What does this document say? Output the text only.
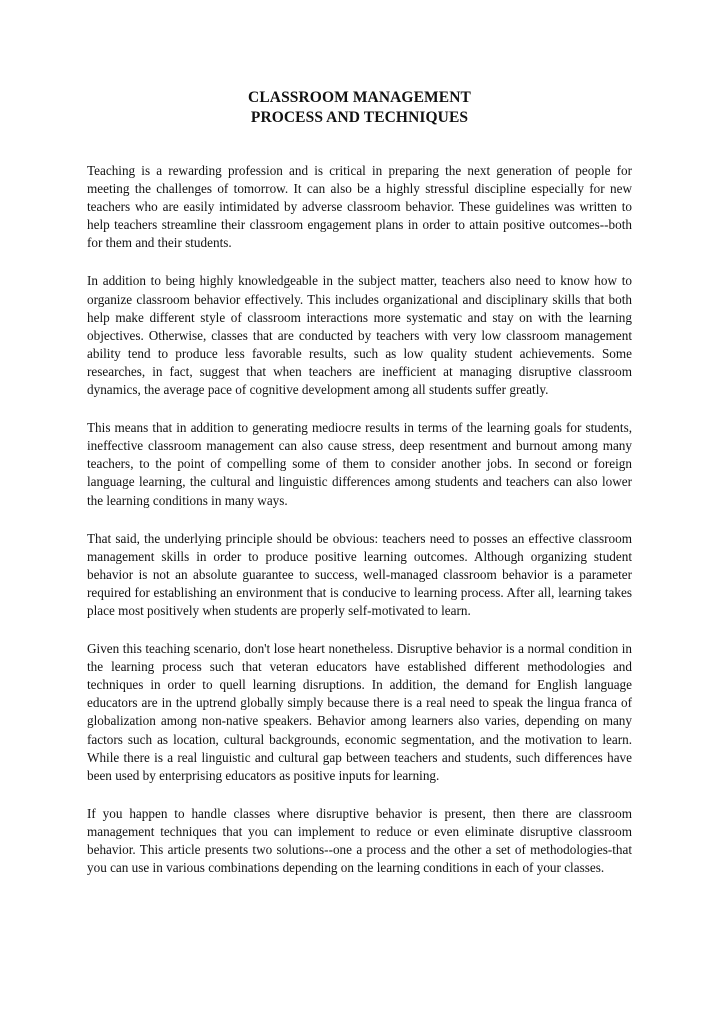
CLASSROOM MANAGEMENT
PROCESS AND TECHNIQUES

Teaching is a rewarding profession and is critical in preparing the next generation of people for meeting the challenges of tomorrow. It can also be a highly stressful discipline especially for new teachers who are easily intimidated by adverse classroom behavior. These guidelines was written to help teachers streamline their classroom engagement plans in order to attain positive outcomes--both for them and their students.

In addition to being highly knowledgeable in the subject matter, teachers also need to know how to organize classroom behavior effectively. This includes organizational and disciplinary skills that both help make different style of classroom interactions more systematic and stay on with the learning objectives. Otherwise, classes that are conducted by teachers with very low classroom management ability tend to produce less favorable results, such as low quality student achievements. Some researches, in fact, suggest that when teachers are inefficient at managing disruptive classroom dynamics, the average pace of cognitive development among all students suffer greatly.

This means that in addition to generating mediocre results in terms of the learning goals for students, ineffective classroom management can also cause stress, deep resentment and burnout among many teachers, to the point of compelling some of them to consider another jobs. In second or foreign language learning, the cultural and linguistic differences among students and teachers can also lower the learning conditions in many ways.

That said, the underlying principle should be obvious: teachers need to posses an effective classroom management skills in order to produce positive learning outcomes. Although organizing student behavior is not an absolute guarantee to success, well-managed classroom behavior is a parameter required for establishing an environment that is conducive to learning process. After all, learning takes place most positively when students are properly self-motivated to learn.

Given this teaching scenario, don't lose heart nonetheless. Disruptive behavior is a normal condition in the learning process such that veteran educators have established different methodologies and techniques in order to quell learning disruptions. In addition, the demand for English language educators are in the uptrend globally simply because there is a real need to speak the lingua franca of globalization among non-native speakers. Behavior among learners also varies, depending on many factors such as location, cultural backgrounds, economic segmentation, and the motivation to learn. While there is a real linguistic and cultural gap between teachers and students, such differences have been used by enterprising educators as positive inputs for learning.

If you happen to handle classes where disruptive behavior is present, then there are classroom management techniques that you can implement to reduce or even eliminate disruptive classroom behavior. This article presents two solutions--one a process and the other a set of methodologies-that you can use in various combinations depending on the learning conditions in each of your classes.
